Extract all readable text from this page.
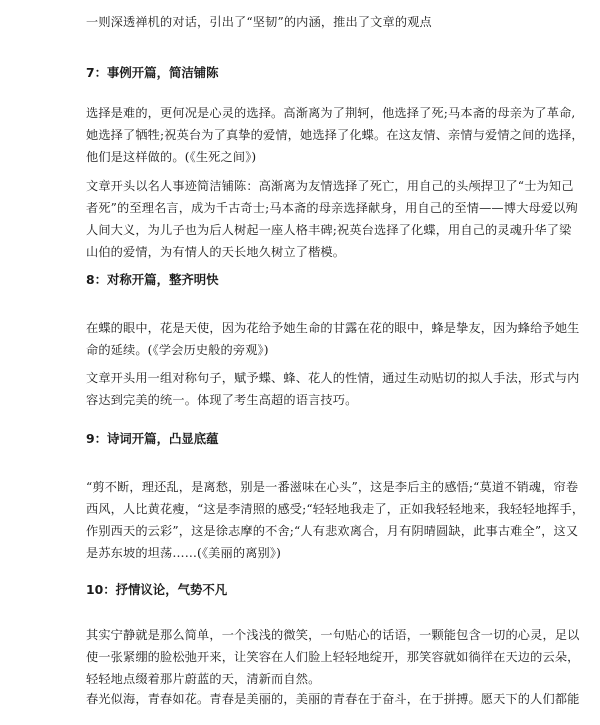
一则深透禅机的对话，引出了“坚韧”的内涵，推出了文章的观点
7：事例开篇，简洁铺陈
选择是难的，更何况是心灵的选择。高渐离为了荆轲，他选择了死;马本斋的母亲为了革命,
她选择了牺牲;祝英台为了真挚的爱情，她选择了化蝶。在这友情、亲情与爱情之间的选择，
他们是这样做的。(《生死之间》)
文章开头以名人事迹简洁铺陈：高渐离为友情选择了死亡，用自己的头颅捍卫了“士为知己
者死”的至理名言，成为千古奇士;马本斋的母亲选择献身，用自己的至情——博大母爱以殉
人间大义，为儿子也为后人树起一座人格丰碑;祝英台选择了化蝶，用自己的灵魂升华了梁
山伯的爱情，为有情人的天长地久树立了楷模。
8：对称开篇，整齐明快
在蝶的眼中，花是天使，因为花给予她生命的甘露在花的眼中，蜂是挚友，因为蜂给予她生
命的延续。(《学会历史般的旁观》)
文章开头用一组对称句子，赋予蝶、蜂、花人的性情，通过生动贴切的拟人手法，形式与内
容达到完美的统一。体现了考生高超的语言技巧。
9：诗词开篇，凸显底蕴
“剪不断，理还乱，是离愁，别是一番滋味在心头”，这是李后主的感悟;“莫道不销魂，帘卷
西风，人比黄花瘦，“这是李清照的感受;“轻轻地我走了，正如我轻轻地来，我轻轻地挥手，
作别西天的云彩”，这是徐志摩的不舍;“人有悲欢离合，月有阴晴圆缺，此事古难全”，这又
是苏东坡的坦荡……(《美丽的离别》)
10：抒情议论，气势不凡
其实宁静就是那么简单，一个浅浅的微笑，一句贴心的话语，一颗能包含一切的心灵，足以
使一张紧绷的脸松弛开来，让笑容在人们脸上轻轻地绽开，那笑容就如徜徉在天边的云朵，
轻轻地点缀着那片蔚蓝的天，清新而自然。
春光似海，青春如花。青春是美丽的，美丽的青春在于奋斗，在于拼搏。愿天下的人们都能
